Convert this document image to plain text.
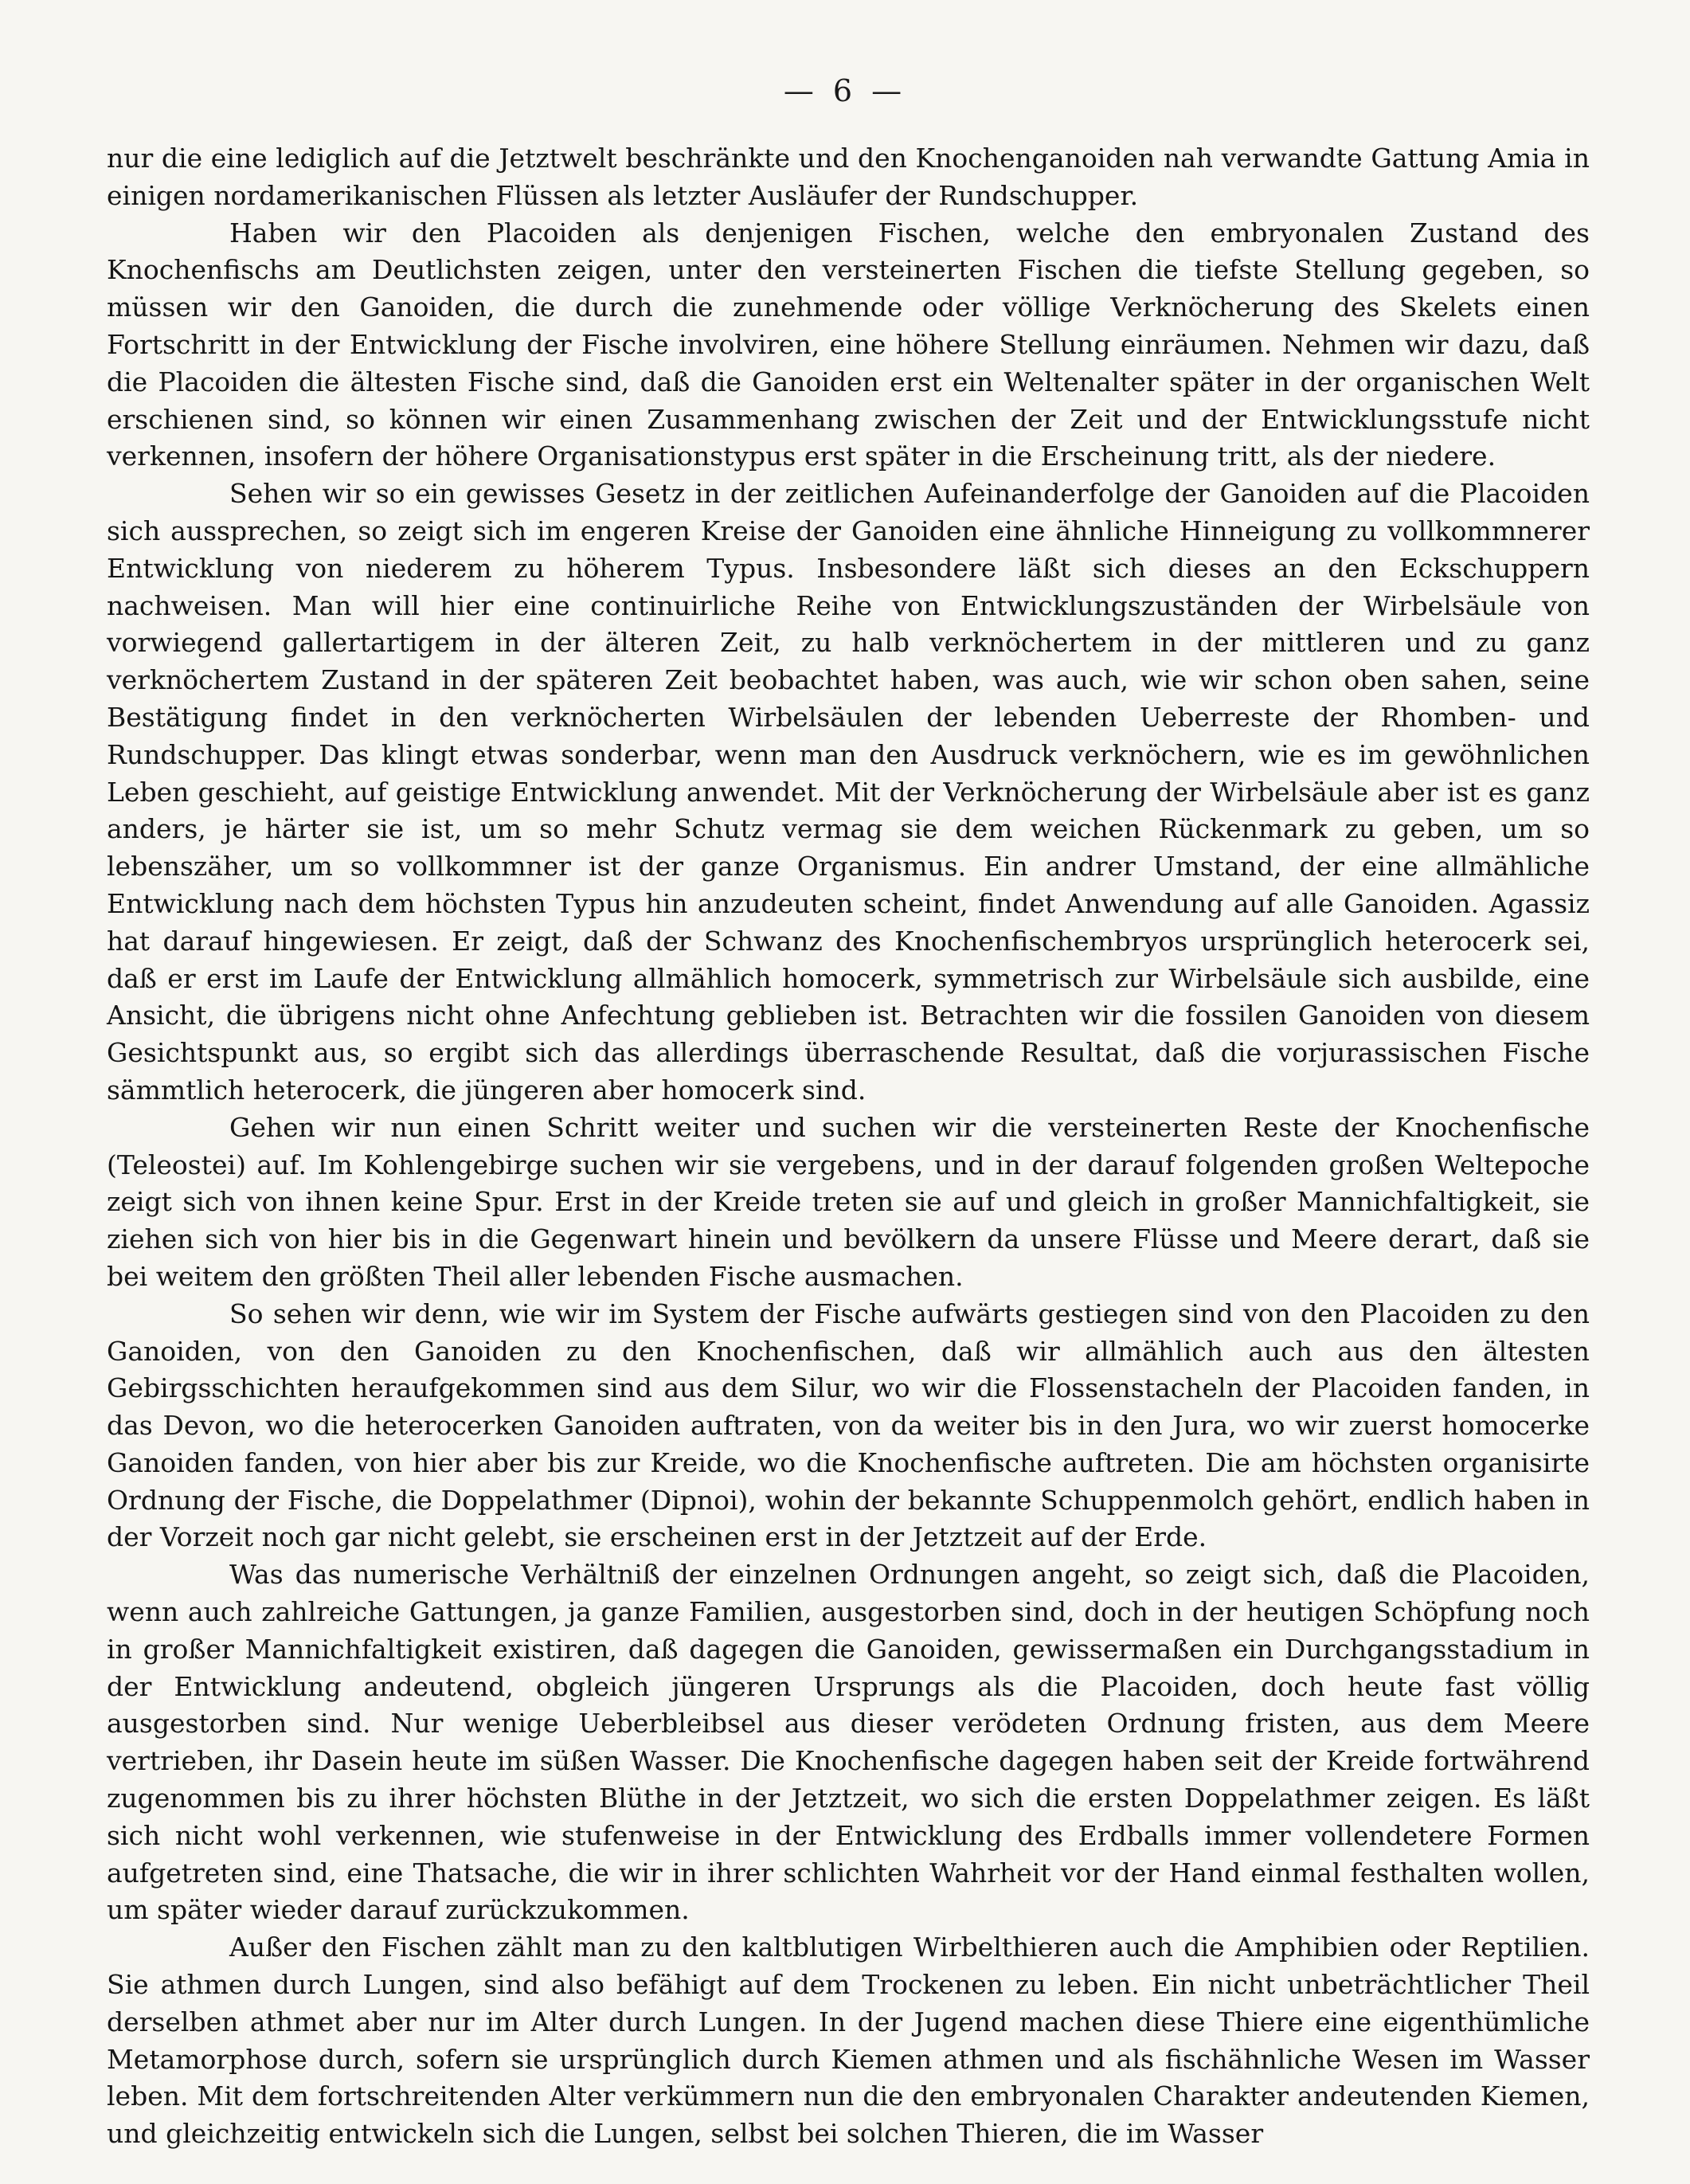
— 6 —

nur die eine lediglich auf die Jetztwelt beschränkte und den Knochenganoiden nah verwandte Gattung Amia in einigen nordamerikanischen Flüssen als letzter Ausläufer der Rundschupper.

Haben wir den Placoiden als denjenigen Fischen, welche den embryonalen Zustand des Knochenfischs am Deutlichsten zeigen, unter den versteinerten Fischen die tiefste Stellung gegeben, so müssen wir den Ganoiden, die durch die zunehmende oder völlige Verknöcherung des Skelets einen Fortschritt in der Entwicklung der Fische involviren, eine höhere Stellung einräumen. Nehmen wir dazu, daß die Placoiden die ältesten Fische sind, daß die Ganoiden erst ein Weltenalter später in der organischen Welt erschienen sind, so können wir einen Zusammenhang zwischen der Zeit und der Entwicklungsstufe nicht verkennen, insofern der höhere Organisationstypus erst später in die Erscheinung tritt, als der niedere.

Sehen wir so ein gewisses Gesetz in der zeitlichen Aufeinanderfolge der Ganoiden auf die Placoiden sich aussprechen, so zeigt sich im engeren Kreise der Ganoiden eine ähnliche Hinneigung zu vollkommnerer Entwicklung von niederem zu höherem Typus. Insbesondere läßt sich dieses an den Eckschuppern nachweisen. Man will hier eine continuirliche Reihe von Entwicklungszuständen der Wirbelsäule von vorwiegend gallertartigem in der älteren Zeit, zu halb verknöchertem in der mittleren und zu ganz verknöchertem Zustand in der späteren Zeit beobachtet haben, was auch, wie wir schon oben sahen, seine Bestätigung findet in den verknöcherten Wirbelsäulen der lebenden Ueberreste der Rhomben- und Rundschupper. Das klingt etwas sonderbar, wenn man den Ausdruck verknöchern, wie es im gewöhnlichen Leben geschieht, auf geistige Entwicklung anwendet. Mit der Verknöcherung der Wirbelsäule aber ist es ganz anders, je härter sie ist, um so mehr Schutz vermag sie dem weichen Rückenmark zu geben, um so lebenszäher, um so vollkommner ist der ganze Organismus. Ein andrer Umstand, der eine allmähliche Entwicklung nach dem höchsten Typus hin anzudeuten scheint, findet Anwendung auf alle Ganoiden. Agassiz hat darauf hingewiesen. Er zeigt, daß der Schwanz des Knochenfischembryos ursprünglich heterocerk sei, daß er erst im Laufe der Entwicklung allmählich homocerk, symmetrisch zur Wirbelsäule sich ausbilde, eine Ansicht, die übrigens nicht ohne Anfechtung geblieben ist. Betrachten wir die fossilen Ganoiden von diesem Gesichtspunkt aus, so ergibt sich das allerdings überraschende Resultat, daß die vorjurassischen Fische sämmtlich heterocerk, die jüngeren aber homocerk sind.

Gehen wir nun einen Schritt weiter und suchen wir die versteinerten Reste der Knochenfische (Teleostei) auf. Im Kohlengebirge suchen wir sie vergebens, und in der darauf folgenden großen Weltepoche zeigt sich von ihnen keine Spur. Erst in der Kreide treten sie auf und gleich in großer Mannichfaltigkeit, sie ziehen sich von hier bis in die Gegenwart hinein und bevölkern da unsere Flüsse und Meere derart, daß sie bei weitem den größten Theil aller lebenden Fische ausmachen.

So sehen wir denn, wie wir im System der Fische aufwärts gestiegen sind von den Placoiden zu den Ganoiden, von den Ganoiden zu den Knochenfischen, daß wir allmählich auch aus den ältesten Gebirgsschichten heraufgekommen sind aus dem Silur, wo wir die Flossenstacheln der Placoiden fanden, in das Devon, wo die heterocerken Ganoiden auftraten, von da weiter bis in den Jura, wo wir zuerst homocerke Ganoiden fanden, von hier aber bis zur Kreide, wo die Knochenfische auftreten. Die am höchsten organisirte Ordnung der Fische, die Doppelathmer (Dipnoi), wohin der bekannte Schuppenmolch gehört, endlich haben in der Vorzeit noch gar nicht gelebt, sie erscheinen erst in der Jetztzeit auf der Erde.

Was das numerische Verhältniß der einzelnen Ordnungen angeht, so zeigt sich, daß die Placoiden, wenn auch zahlreiche Gattungen, ja ganze Familien, ausgestorben sind, doch in der heutigen Schöpfung noch in großer Mannichfaltigkeit existiren, daß dagegen die Ganoiden, gewissermaßen ein Durchgangsstadium in der Entwicklung andeutend, obgleich jüngeren Ursprungs als die Placoiden, doch heute fast völlig ausgestorben sind. Nur wenige Ueberbleibsel aus dieser verödeten Ordnung fristen, aus dem Meere vertrieben, ihr Dasein heute im süßen Wasser. Die Knochenfische dagegen haben seit der Kreide fortwährend zugenommen bis zu ihrer höchsten Blüthe in der Jetztzeit, wo sich die ersten Doppelathmer zeigen. Es läßt sich nicht wohl verkennen, wie stufenweise in der Entwicklung des Erdballs immer vollendetere Formen aufgetreten sind, eine Thatsache, die wir in ihrer schlichten Wahrheit vor der Hand einmal festhalten wollen, um später wieder darauf zurückzukommen.

Außer den Fischen zählt man zu den kaltblutigen Wirbelthieren auch die Amphibien oder Reptilien. Sie athmen durch Lungen, sind also befähigt auf dem Trockenen zu leben. Ein nicht unbeträchtlicher Theil derselben athmet aber nur im Alter durch Lungen. In der Jugend machen diese Thiere eine eigenthümliche Metamorphose durch, sofern sie ursprünglich durch Kiemen athmen und als fischähnliche Wesen im Wasser leben. Mit dem fortschreitenden Alter verkümmern nun die den embryonalen Charakter andeutenden Kiemen, und gleichzeitig entwickeln sich die Lungen, selbst bei solchen Thieren, die im Wasser
